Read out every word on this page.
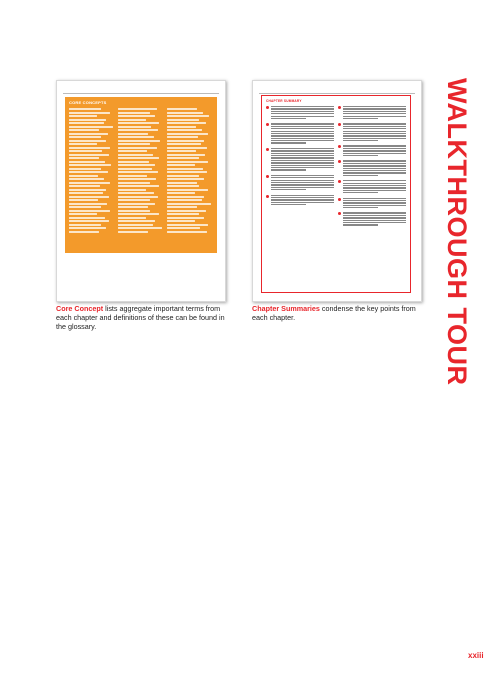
CORE CONCEPTS	CHAPTER SUMMARY
Core Concept lists aggregate important terms from each chapter and definitions of these can be found in the glossary.
Chapter Summaries condense the key points from each chapter.	WALKTHROUGH TOUR
xxiii
